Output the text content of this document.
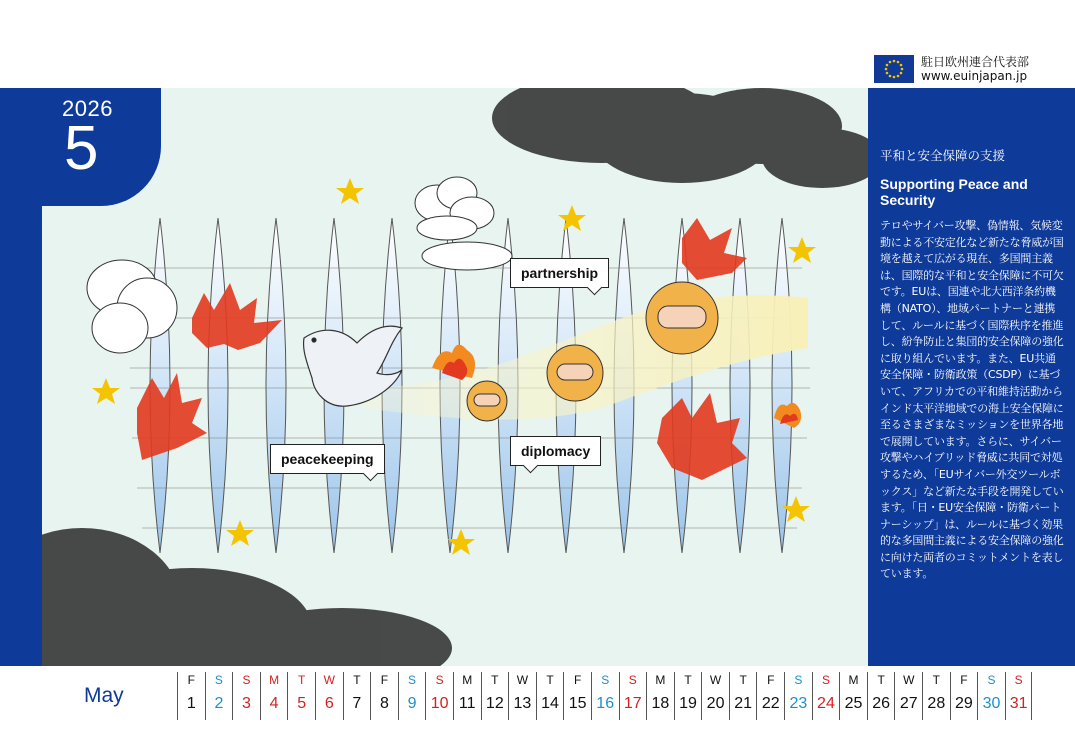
駐日欧州連合代表部
www.euinjapan.jp
2026
5
partnership
peacekeeping	diplomacy
平和と安全保障の支援
Supporting Peace and Security
テロやサイバー攻撃、偽情報、気候変動による不安定化など新たな脅威が国境を越えて広がる現在、多国間主義は、国際的な平和と安全保障に不可欠です。EUは、国連や北大西洋条約機構（NATO）、地域パートナーと連携して、ルールに基づく国際秩序を推進し、紛争防止と集団的安全保障の強化に取り組んでいます。また、EU共通安全保障・防衛政策（CSDP）に基づいて、アフリカでの平和維持活動からインド太平洋地域での海上安全保障に至るさまざまなミッションを世界各地で展開しています。さらに、サイバー攻撃やハイブリッド脅威に共同で対処するため、「EUサイバー外交ツールボックス」など新たな手段を開発しています。「日・EU安全保障・防衛パートナーシップ」は、ルールに基づく効果的な多国間主義による安全保障の強化に向けた両者のコミットメントを表しています。
May
F
1
S
2
S
3
M
4
T
5
W
6
T
7
F
8
S
9
S
10
M
11
T
12
W
13
T
14
F
15
S
16
S
17
M
18
T
19
W
20
T
21
F
22
S
23
S
24
M
25
T
26
W
27
T
28
F
29
S
30
S
31
